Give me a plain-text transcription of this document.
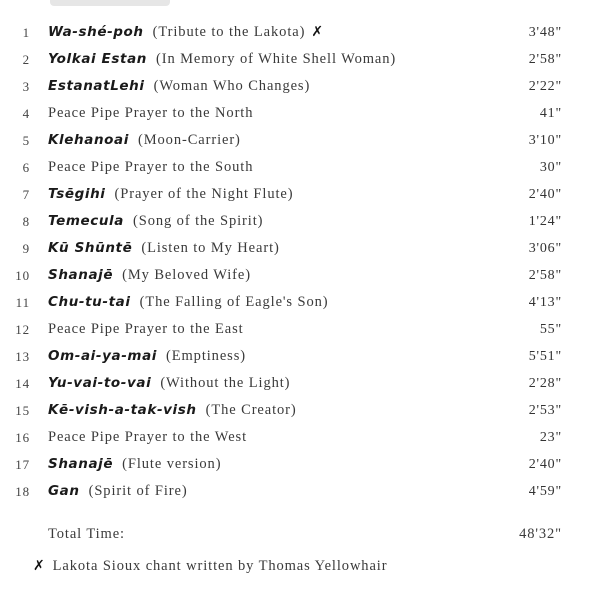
1 Wa-shé-poh (Tribute to the Lakota) ✗	3'48"
2 Yolkai Estan (In Memory of White Shell Woman)	2'58"
3 EstanatLehi (Woman Who Changes)	2'22"
4 Peace Pipe Prayer to the North	41"
5 Klehanoai (Moon-Carrier)	3'10"
6 Peace Pipe Prayer to the South	30"
7 Tsēgihi (Prayer of the Night Flute)	2'40"
8 Temecula (Song of the Spirit)	1'24"
9 Kū Shūntē (Listen to My Heart)	3'06"
10 Shanajē (My Beloved Wife)	2'58"
11 Chu-tu-tai (The Falling of Eagle's Son)	4'13"
12 Peace Pipe Prayer to the East	55"
13 Om-ai-ya-mai (Emptiness)	5'51"
14 Yu-vai-to-vai (Without the Light)	2'28"
15 Kē-vish-a-tak-vish (The Creator)	2'53"
16 Peace Pipe Prayer to the West	23"
17 Shanajē (Flute version)	2'40"
18 Gan (Spirit of Fire)	4'59"
Total Time:	48'32"
✗ Lakota Sioux chant written by Thomas Yellowhair
